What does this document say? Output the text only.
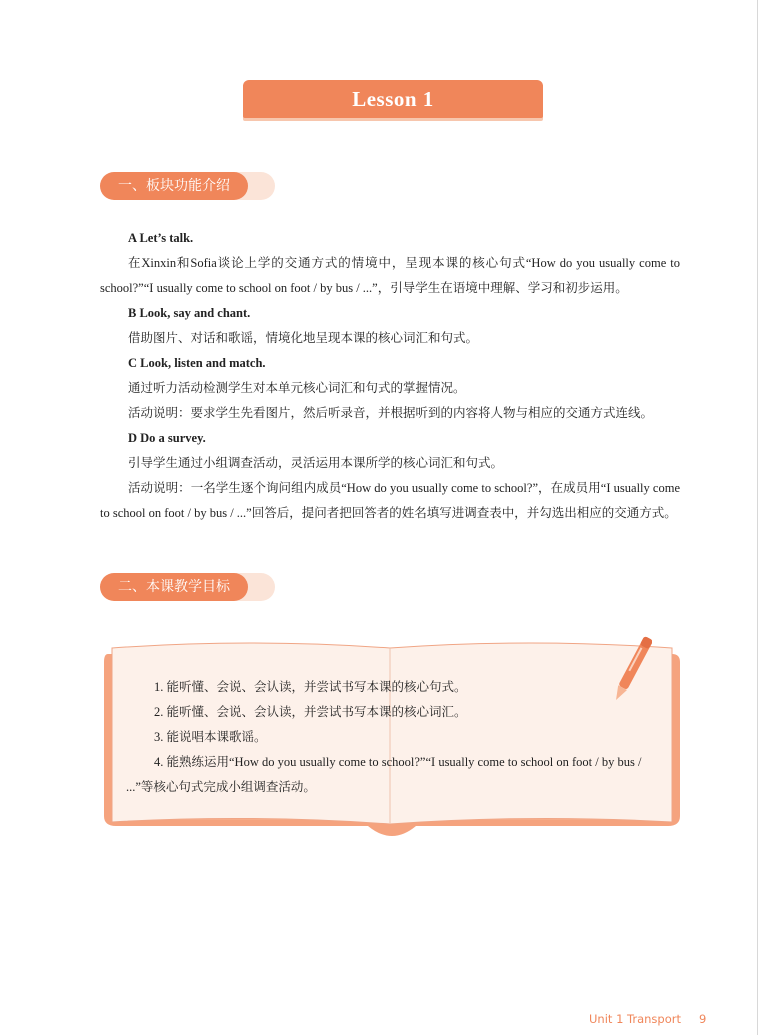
Lesson 1
一、板块功能介绍

A Let’s talk.

在Xinxin和Sofia谈论上学的交通方式的情境中，呈现本课的核心句式“How do you usually come to school?”“I usually come to school on foot / by bus / ...”，引导学生在语境中理解、学习和初步运用。

B Look, say and chant.

借助图片、对话和歌谣，情境化地呈现本课的核心词汇和句式。

C Look, listen and match.

通过听力活动检测学生对本单元核心词汇和句式的掌握情况。

活动说明：要求学生先看图片，然后听录音，并根据听到的内容将人物与相应的交通方式连线。

D Do a survey.

引导学生通过小组调查活动，灵活运用本课所学的核心词汇和句式。

活动说明：一名学生逐个询问组内成员“How do you usually come to school?”，在成员用“I usually come to school on foot / by bus / ...”回答后，提问者把回答者的姓名填写进调查表中，并勾选出相应的交通方式。

二、本课教学目标

1. 能听懂、会说、会认读，并尝试书写本课的核心句式。

2. 能听懂、会说、会认读，并尝试书写本课的核心词汇。

3. 能说唱本课歌谣。

4. 能熟练运用“How do you usually come to school?”“I usually come to school on foot / by bus / ...”等核心句式完成小组调查活动。

Unit 1 Transport 9
